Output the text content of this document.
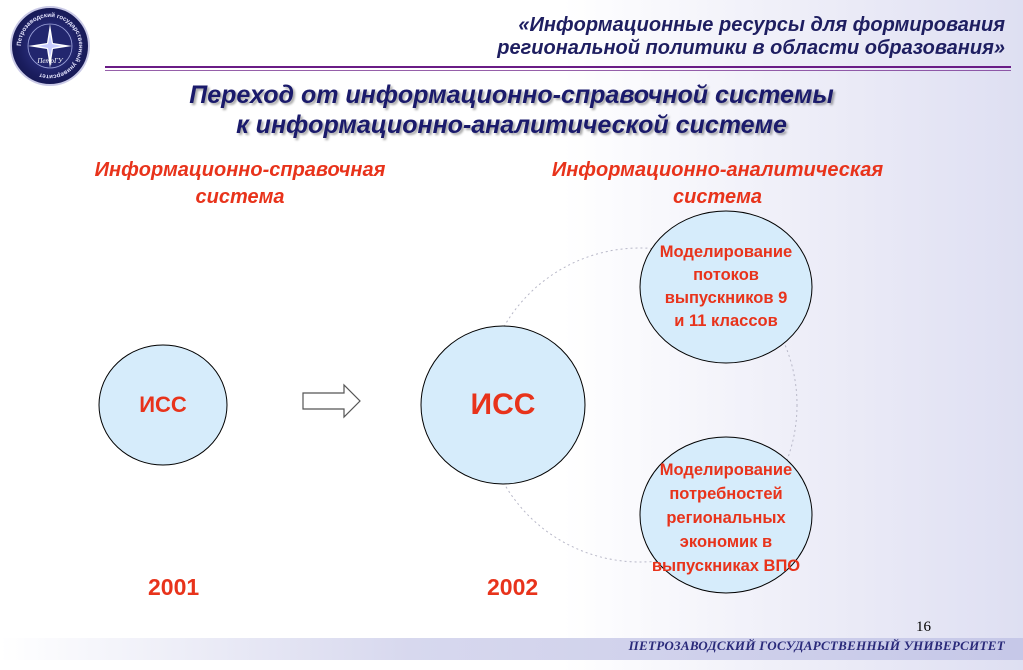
Петрозаводский государственный университет
ПетрГУ
«Информационные ресурсы для формирования
региональной политики в области образования»
Переход от информационно-справочной системы
к информационно-аналитической системе
Информационно-справочная
система
Информационно-аналитическая
система
ИСС	ИСС
Моделирование
потоков
выпускников 9
и 11 классов
Моделирование
потребностей
региональных
экономик в
выпускниках ВПО
2001	2002
16
ПЕТРОЗАВОДСКИЙ ГОСУДАРСТВЕННЫЙ УНИВЕРСИТЕТ
